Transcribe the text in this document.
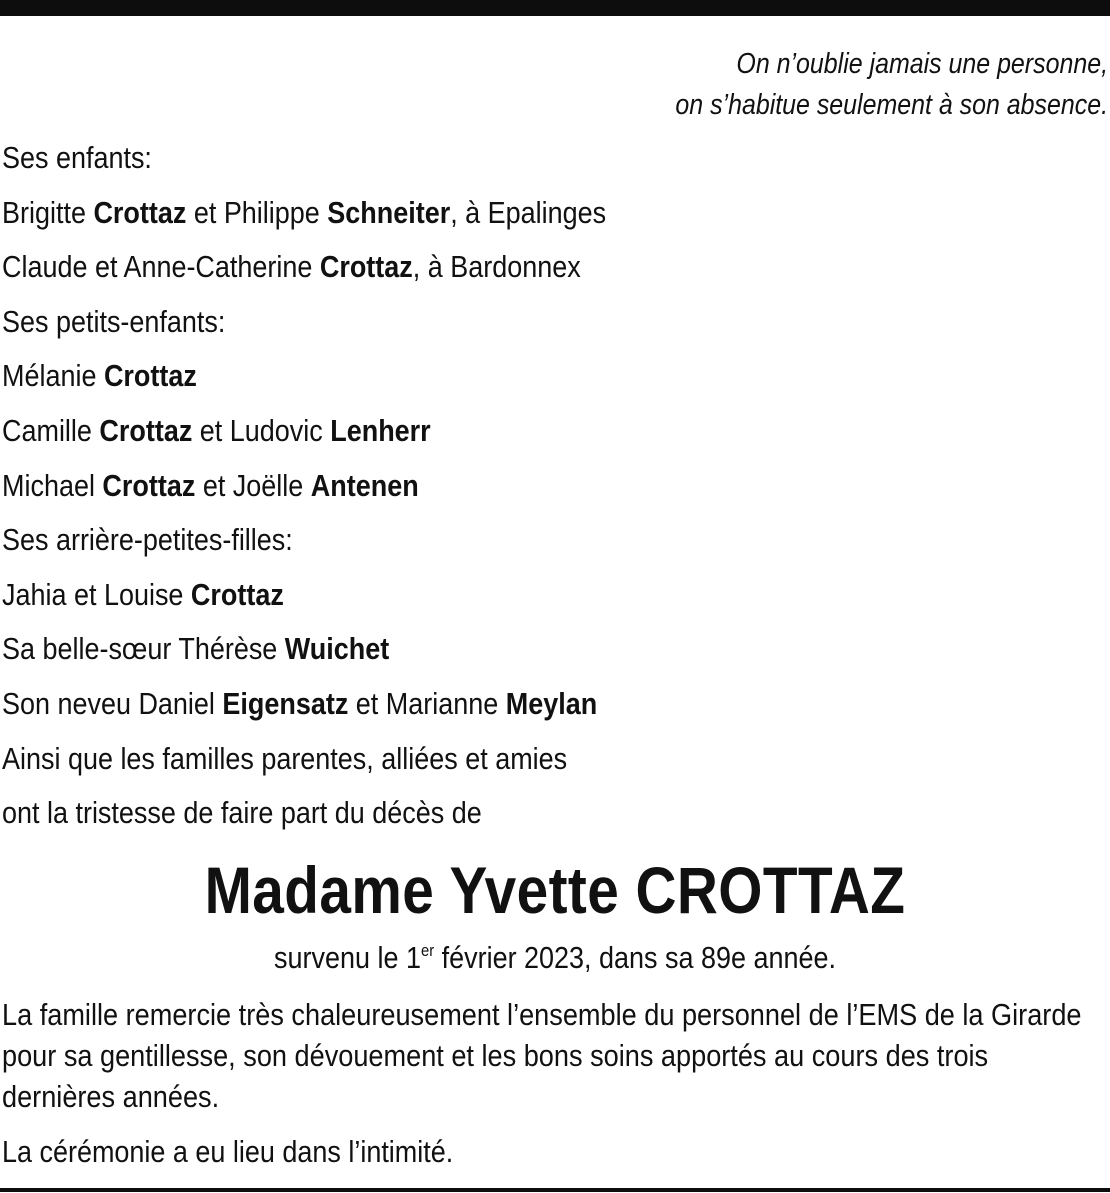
On n’oublie jamais une personne,
on s’habitue seulement à son absence.
Ses enfants:
Brigitte Crottaz et Philippe Schneiter, à Epalinges
Claude et Anne-Catherine Crottaz, à Bardonnex
Ses petits-enfants:
Mélanie Crottaz
Camille Crottaz et Ludovic Lenherr
Michael Crottaz et Joëlle Antenen
Ses arrière-petites-filles:
Jahia et Louise Crottaz
Sa belle-sœur Thérèse Wuichet
Son neveu Daniel Eigensatz et Marianne Meylan
Ainsi que les familles parentes, alliées et amies
ont la tristesse de faire part du décès de
Madame Yvette CROTTAZ
survenu le 1er février 2023, dans sa 89e année.
La famille remercie très chaleureusement l’ensemble du personnel de l’EMS de la Girarde pour sa gentillesse, son dévouement et les bons soins apportés au cours des trois dernières années.
La cérémonie a eu lieu dans l’intimité.
